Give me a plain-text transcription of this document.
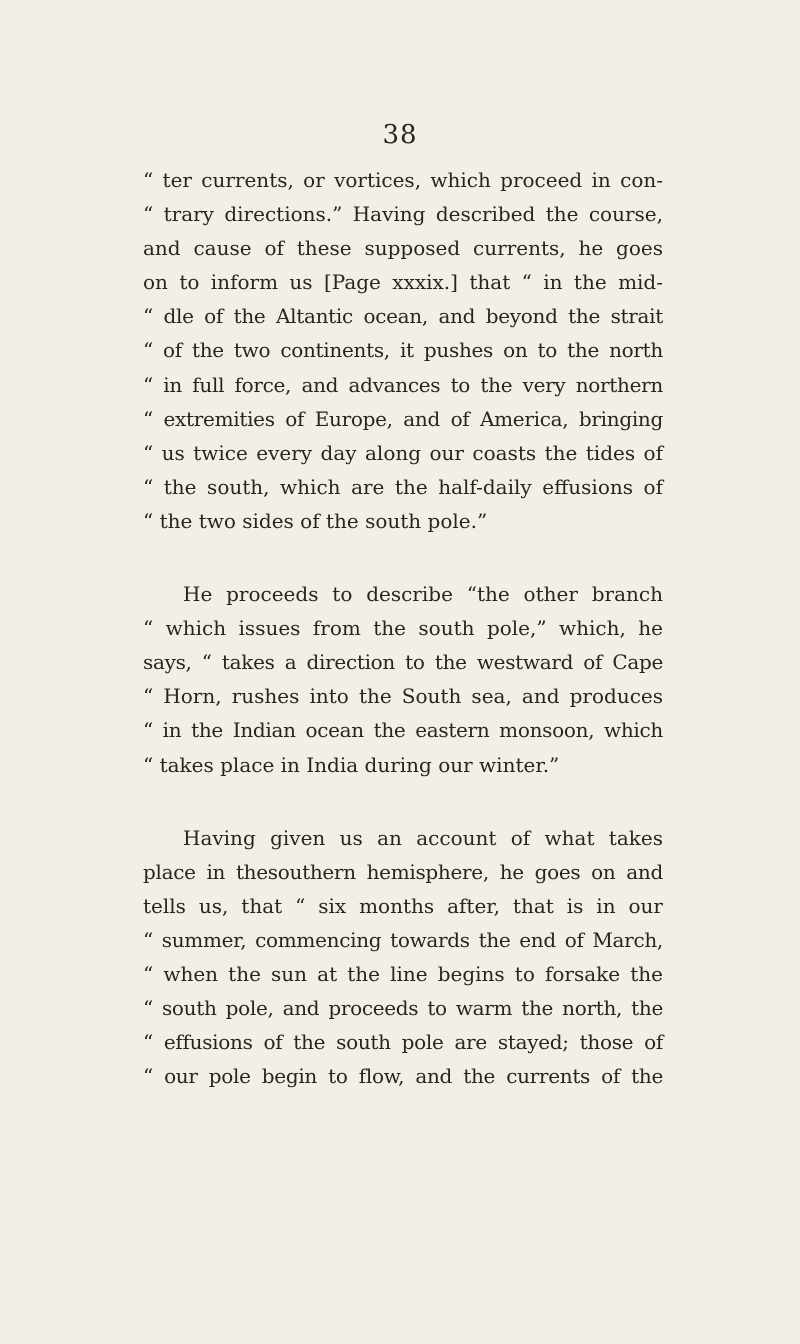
38

“ ter currents, or vortices, which proceed in con-
“ trary directions.” Having described the course,
and cause of these supposed currents, he goes
on to inform us [Page xxxix.] that “ in the mid-
“ dle of the Altantic ocean, and beyond the strait
“ of the two continents, it pushes on to the north
“ in full force, and advances to the very northern
“ extremities of Europe, and of America, bringing
“ us twice every day along our coasts the tides of
“ the south, which are the half-daily effusions of
“ the two sides of the south pole.”

He proceeds to describe “the other branch
“ which issues from the south pole,” which, he
says, “ takes a direction to the westward of Cape
“ Horn, rushes into the South sea, and produces
“ in the Indian ocean the eastern monsoon, which
“ takes place in India during our winter.”

Having given us an account of what takes
place in thesouthern hemisphere, he goes on and
tells us, that “ six months after, that is in our
“ summer, commencing towards the end of March,
“ when the sun at the line begins to forsake the
“ south pole, and proceeds to warm the north, the
“ effusions of the south pole are stayed; those of
“ our pole begin to flow, and the currents of the
